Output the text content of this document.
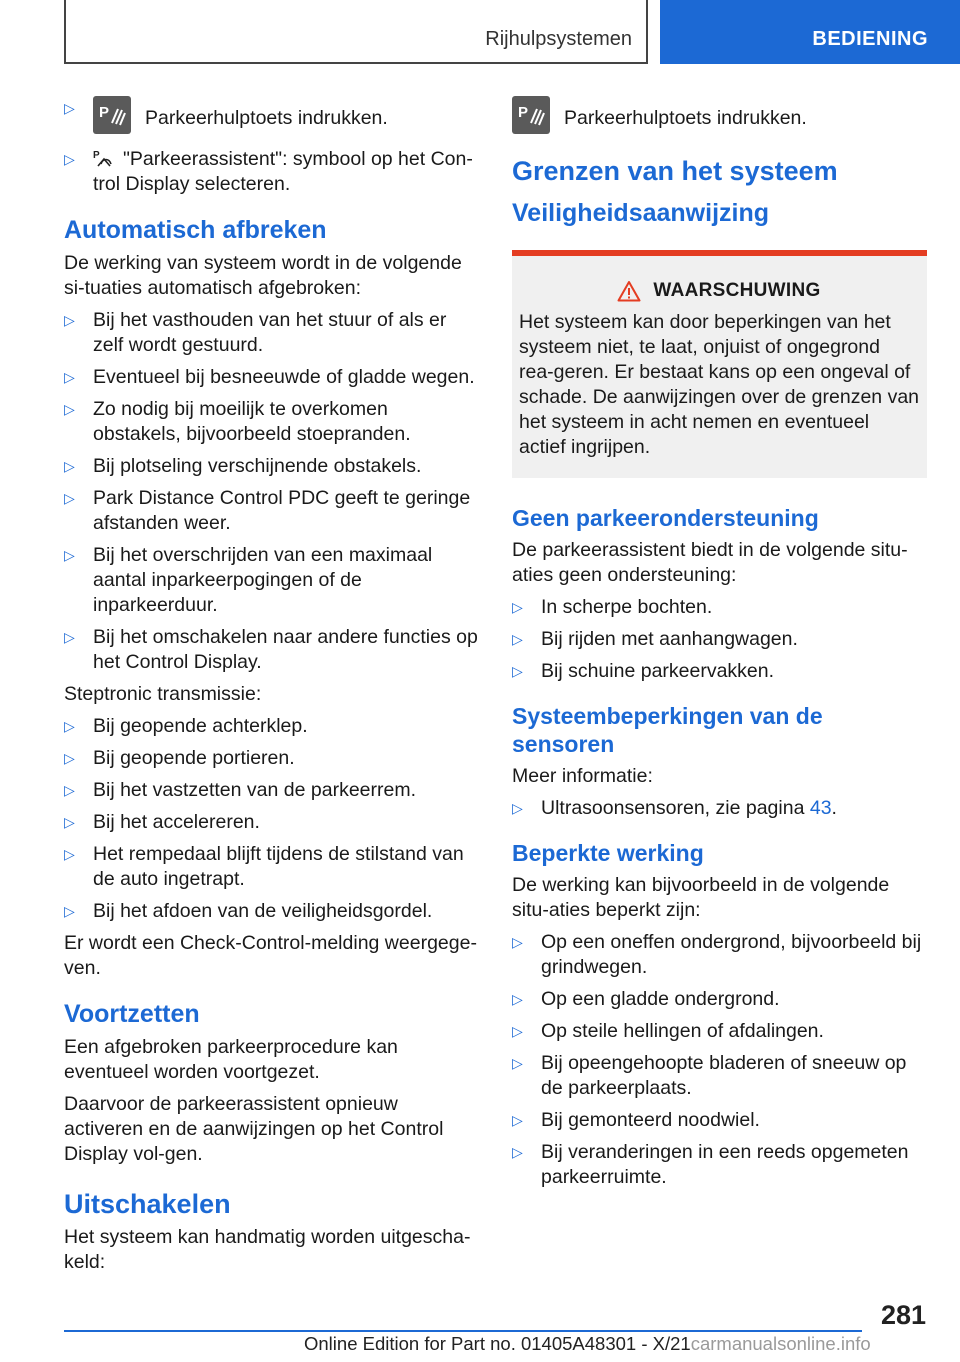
Rijhulpsystemen	BEDIENING
▷ P Parkeerhulptoets indrukken.
▷ P "Parkeerassistent": symbool op het Con-trol Display selecteren.
Automatisch afbreken

De werking van systeem wordt in de volgende si-tuaties automatisch afgebroken:

▷ Bij het vasthouden van het stuur of als er zelf wordt gestuurd.
▷ Eventueel bij besneeuwde of gladde wegen.
▷ Zo nodig bij moeilijk te overkomen obstakels, bijvoorbeeld stoepranden.
▷ Bij plotseling verschijnende obstakels.
▷ Park Distance Control PDC geeft te geringe afstanden weer.
▷ Bij het overschrijden van een maximaal aantal inparkeerpogingen of de inparkeerduur.
▷ Bij het omschakelen naar andere functies op het Control Display.

Steptronic transmissie:

▷ Bij geopende achterklep.
▷ Bij geopende portieren.
▷ Bij het vastzetten van de parkeerrem.
▷ Bij het accelereren.
▷ Het rempedaal blijft tijdens de stilstand van de auto ingetrapt.
▷ Bij het afdoen van de veiligheidsgordel.

Er wordt een Check-Control-melding weergege-ven.

Voortzetten

Een afgebroken parkeerprocedure kan eventueel worden voortgezet.

Daarvoor de parkeerassistent opnieuw activeren en de aanwijzingen op het Control Display vol-gen.

Uitschakelen

Het systeem kan handmatig worden uitgescha-keld:

P Parkeerhulptoets indrukken.

Grenzen van het systeem
Veiligheidsaanwijzing
WAARSCHUWING

Het systeem kan door beperkingen van het systeem niet, te laat, onjuist of ongegrond rea-geren. Er bestaat kans op een ongeval of schade. De aanwijzingen over de grenzen van het systeem in acht nemen en eventueel actief ingrijpen.

Geen parkeerondersteuning

De parkeerassistent biedt in de volgende situ-aties geen ondersteuning:

▷ In scherpe bochten.
▷ Bij rijden met aanhangwagen.
▷ Bij schuine parkeervakken.
Systeembeperkingen van de sensoren

Meer informatie:

▷ Ultrasoonsensoren, zie pagina 43.
Beperkte werking

De werking kan bijvoorbeeld in de volgende situ-aties beperkt zijn:

▷ Op een oneffen ondergrond, bijvoorbeeld bij grindwegen.
▷ Op een gladde ondergrond.
▷ Op steile hellingen of afdalingen.
▷ Bij opeengehoopte bladeren of sneeuw op de parkeerplaats.
▷ Bij gemonteerd noodwiel.
▷ Bij veranderingen in een reeds opgemeten parkeerruimte.
281
Online Edition for Part no. 01405A48301 - X/21carmanualsonline.info
